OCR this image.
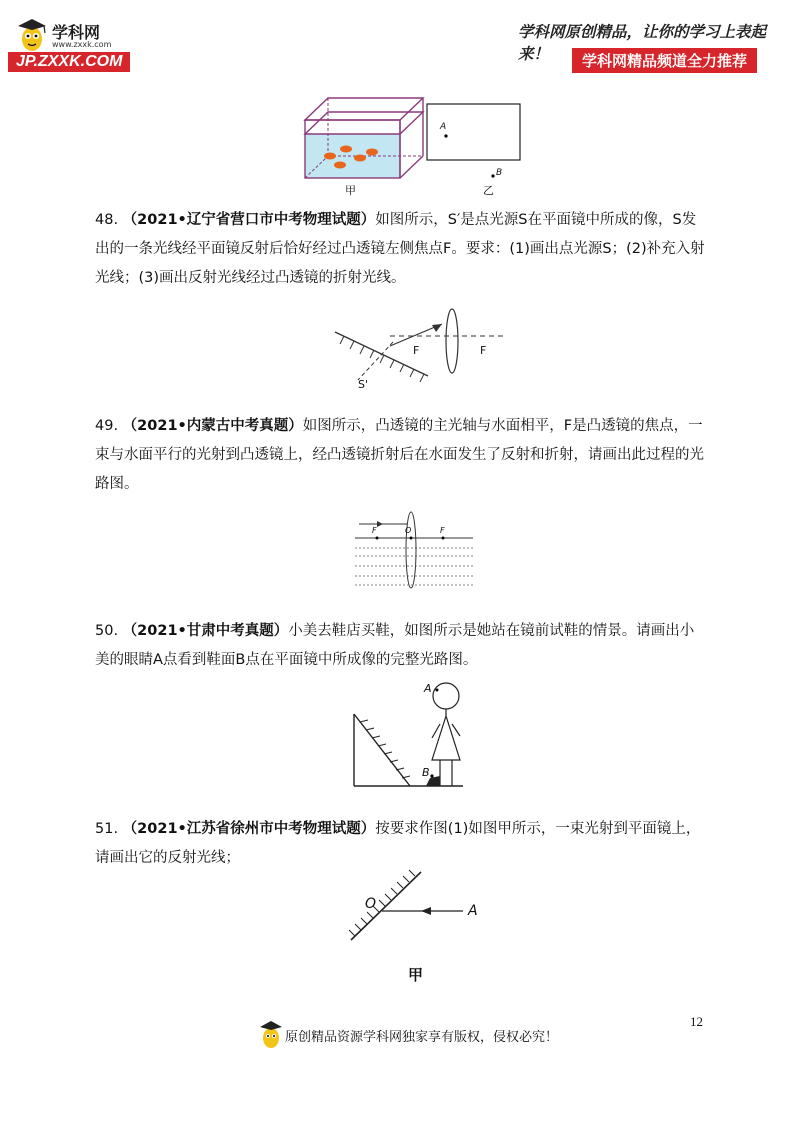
学科网
www.zxxk.com
JP.ZXXK.COM
学科网原创精品，让你的学习上表起来！	学科网精品频道全力推荐
A
B
甲	乙
48. （2021•辽宁省营口市中考物理试题）如图所示，S′是点光源S在平面镜中所成的像，S发出的一条光线经平面镜反射后恰好经过凸透镜左侧焦点F。要求：(1)画出点光源S；(2)补充入射光线；(3)画出反射光线经过凸透镜的折射光线。
F	F
S'
49. （2021•内蒙古中考真题）如图所示，凸透镜的主光轴与水面相平，F是凸透镜的焦点，一束与水面平行的光射到凸透镜上，经凸透镜折射后在水面发生了反射和折射，请画出此过程的光路图。
F	O	F
50. （2021•甘肃中考真题）小美去鞋店买鞋，如图所示是她站在镜前试鞋的情景。请画出小美的眼睛A点看到鞋面B点在平面镜中所成像的完整光路图。
A
B
51. （2021•江苏省徐州市中考物理试题）按要求作图(1)如图甲所示，一束光射到平面镜上，请画出它的反射光线；
O	A
甲
12
原创精品资源学科网独家享有版权，侵权必究！
